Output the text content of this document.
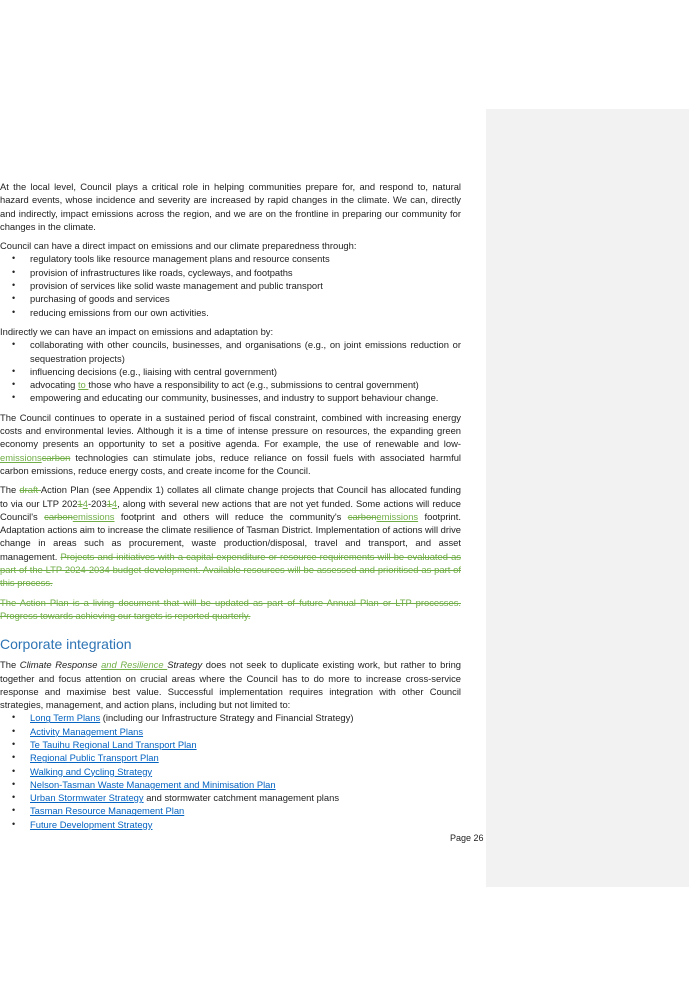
At the local level, Council plays a critical role in helping communities prepare for, and respond to, natural hazard events, whose incidence and severity are increased by rapid changes in the climate. We can, directly and indirectly, impact emissions across the region, and we are on the frontline in preparing our community for changes in the climate.

Council can have a direct impact on emissions and our climate preparedness through:

• regulatory tools like resource management plans and resource consents
• provision of infrastructures like roads, cycleways, and footpaths
• provision of services like solid waste management and public transport
• purchasing of goods and services
• reducing emissions from our own activities.

Indirectly we can have an impact on emissions and adaptation by:

• collaborating with other councils, businesses, and organisations (e.g., on joint emissions reduction or sequestration projects)
• influencing decisions (e.g., liaising with central government)
• advocating to those who have a responsibility to act (e.g., submissions to central government)
• empowering and educating our community, businesses, and industry to support behaviour change.

The Council continues to operate in a sustained period of fiscal constraint, combined with increasing energy costs and environmental levies. Although it is a time of intense pressure on resources, the expanding green economy presents an opportunity to set a positive agenda. For example, the use of renewable and low- emissionscarbon technologies can stimulate jobs, reduce reliance on fossil fuels with associated harmful carbon emissions, reduce energy costs, and create income for the Council.

The draft Action Plan (see Appendix 1) collates all climate change projects that Council has allocated funding to via our LTP 20214-20314, along with several new actions that are not yet funded. Some actions will reduce Council's carbonemissions footprint and others will reduce the community's carbonemissions footprint. Adaptation actions aim to increase the climate resilience of Tasman District. Implementation of actions will drive change in areas such as procurement, waste production/disposal, travel and transport, and asset management. Projects and initiatives with a capital expenditure or resource requirements will be evaluated as part of the LTP 2024-2034 budget development. Available resources will be assessed and prioritised as part of this process.

The Action Plan is a living document that will be updated as part of future Annual Plan or LTP processes. Progress towards achieving our targets is reported quarterly.

Corporate integration

The Climate Response and Resilience Strategy does not seek to duplicate existing work, but rather to bring together and focus attention on crucial areas where the Council has to do more to increase cross-service response and maximise best value. Successful implementation requires integration with other Council strategies, management, and action plans, including but not limited to:

• Long Term Plans (including our Infrastructure Strategy and Financial Strategy)
• Activity Management Plans
• Te Tauihu Regional Land Transport Plan
• Regional Public Transport Plan
• Walking and Cycling Strategy
• Nelson-Tasman Waste Management and Minimisation Plan
• Urban Stormwater Strategy and stormwater catchment management plans
• Tasman Resource Management Plan
• Future Development Strategy
Page 26
